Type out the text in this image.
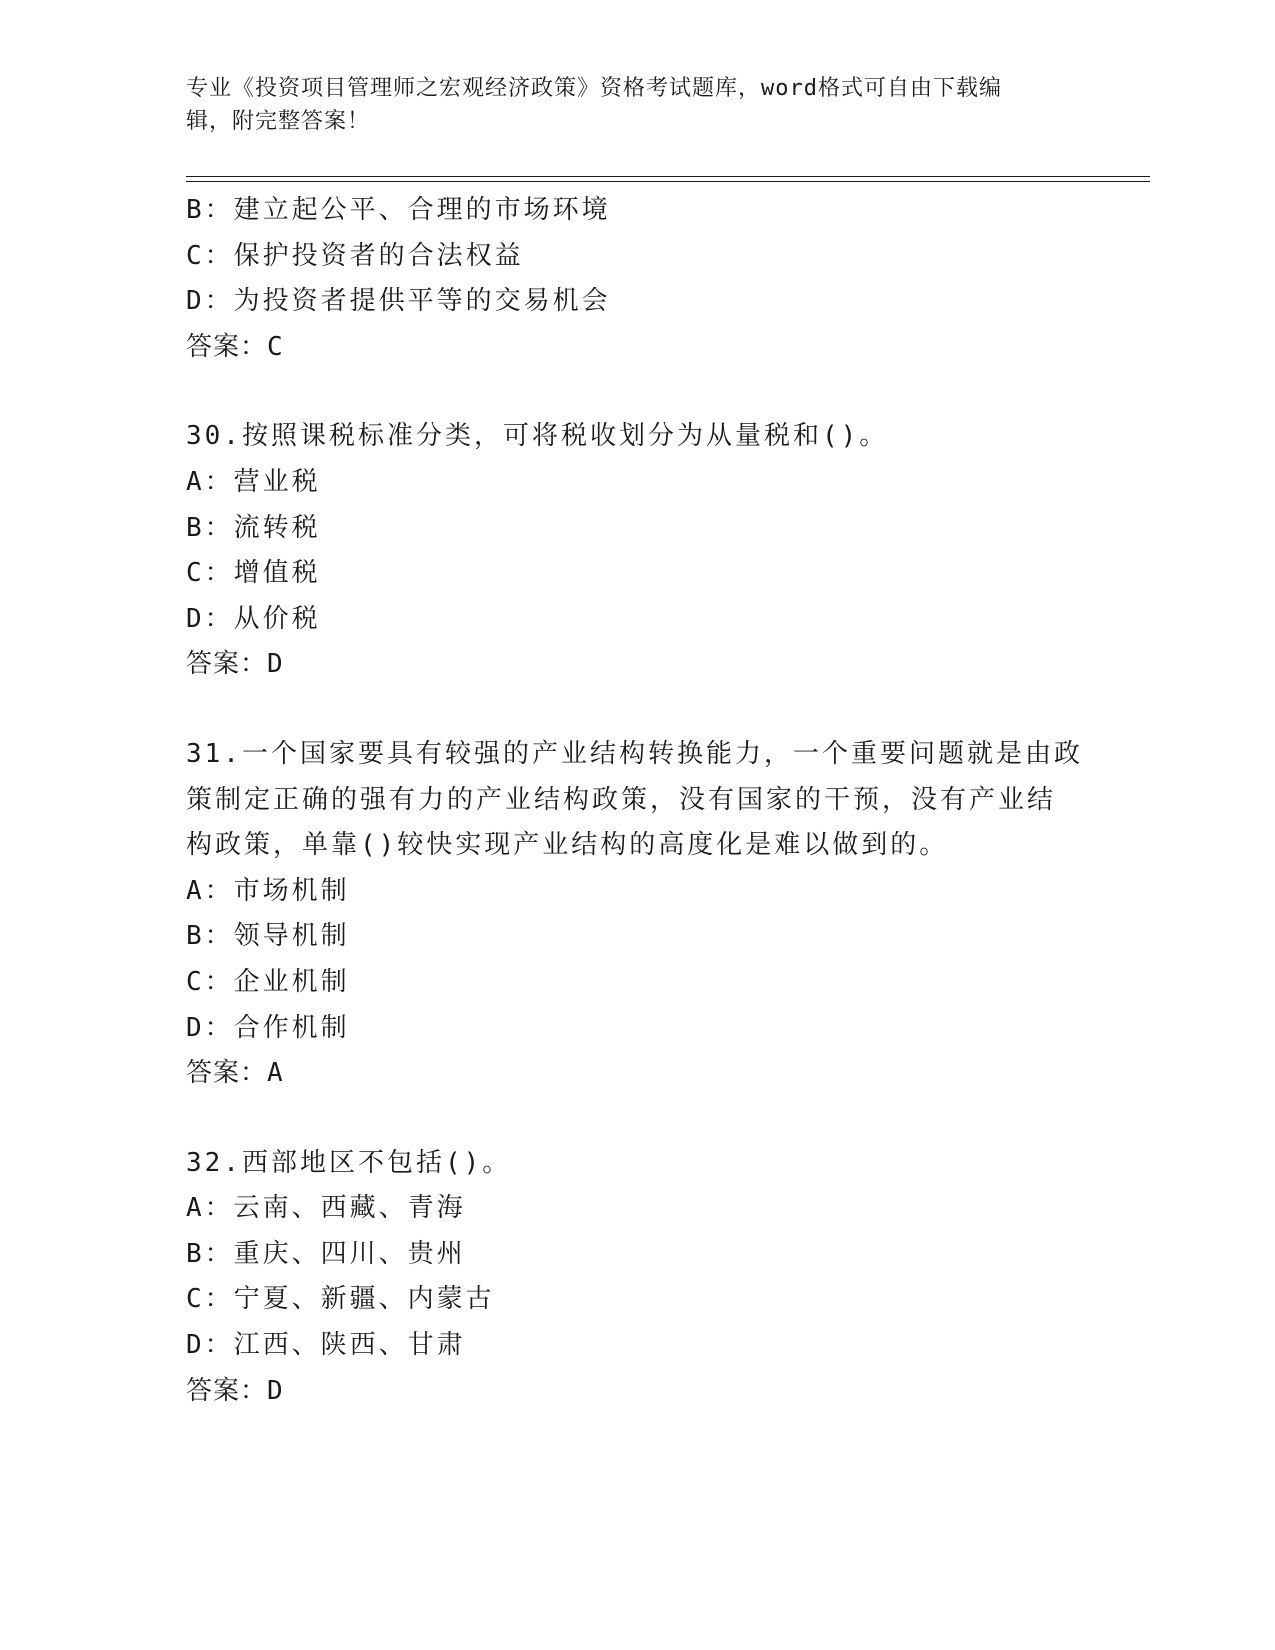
专业《投资项目管理师之宏观经济政策》资格考试题库，word格式可自由下载编
辑，附完整答案！
B：建立起公平、合理的市场环境
C：保护投资者的合法权益
D：为投资者提供平等的交易机会
答案：C
30.按照课税标准分类，可将税收划分为从量税和()。
A：营业税
B：流转税
C：增值税
D：从价税
答案：D
31.一个国家要具有较强的产业结构转换能力，一个重要问题就是由政
策制定正确的强有力的产业结构政策，没有国家的干预，没有产业结
构政策，单靠()较快实现产业结构的高度化是难以做到的。
A：市场机制
B：领导机制
C：企业机制
D：合作机制
答案：A
32.西部地区不包括()。
A：云南、西藏、青海
B：重庆、四川、贵州
C：宁夏、新疆、内蒙古
D：江西、陕西、甘肃
答案：D
